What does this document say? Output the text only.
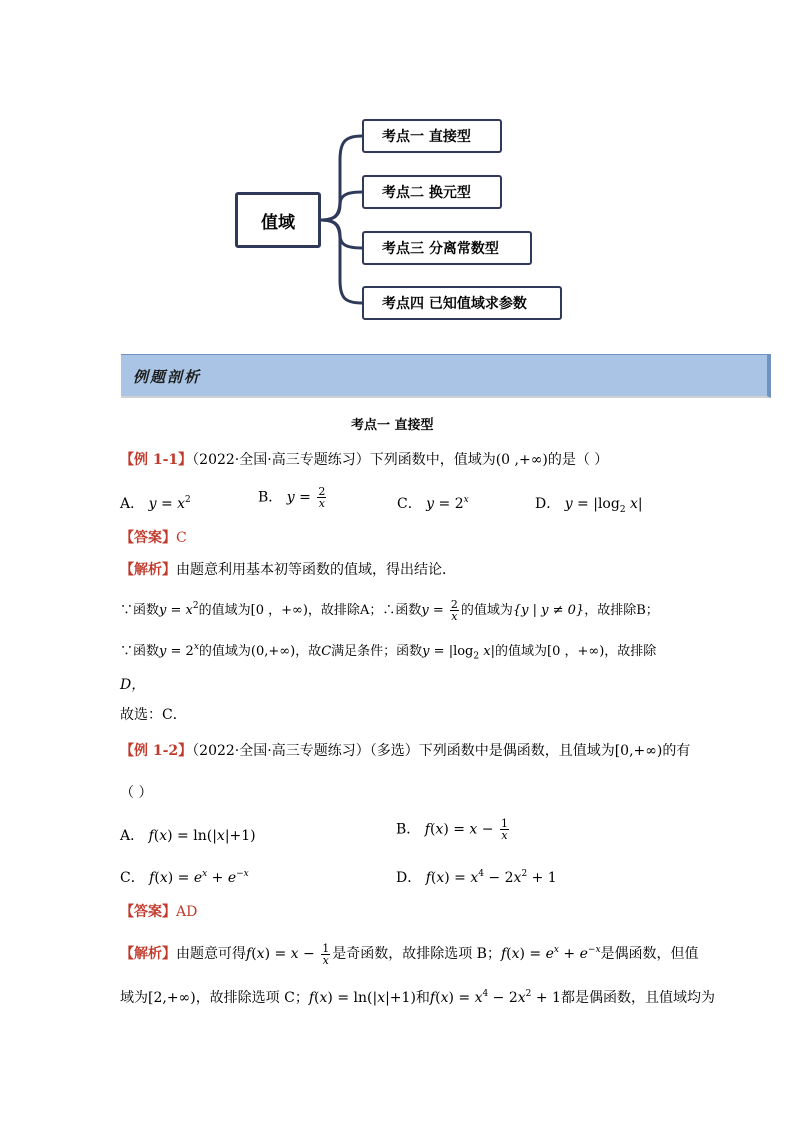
值域
考点一 直接型
考点二 换元型
考点三 分离常数型
考点四 已知值域求参数
例题剖析
考点一 直接型
【例 1-1】（2022·全国·高三专题练习）下列函数中，值域为(0 ,+∞)的是（ ）
A． $y = x^2$	B． $y = \frac{2}{x}$	C． $y = 2^x$	D． $y = |\log_2$ x|
【答案】C
【解析】由题意利用基本初等函数的值域，得出结论．
∵函数$y = x^2$的值域为[0 ，+∞)，故排除A；∴函数$y = \frac{2}{x}$ 的值域为{y | y ≠ 0}，故排除B；
∵函数$y = 2^x$的值域为(0,+∞)，故C满足条件；函数$y = |\log_2$ x|的值域为[0 ，+∞)，故排除
D，
故选：C．
【例 1-2】（2022·全国·高三专题练习）（多选）下列函数中是偶函数，且值域为[0,+∞)的有
（ ）
A． f(x) = ln(|x|+1)	B． $f(x) = x - \frac{1}{x}$
C． $f(x) = e^x + e^{-x}$	D． $f(x) = x^4 - 2x^2 + 1$
【答案】AD
【解析】由题意可得$f(x) = x - \frac{1}{x}$ 是奇函数，故排除选项 B；$f(x) = e^x + e^{-x}$是偶函数，但值
域为[2,+∞)，故排除选项 C；f(x) = ln(|x|+1)和$f(x) = x^4 - 2x^2 + 1$都是偶函数，且值域均为
